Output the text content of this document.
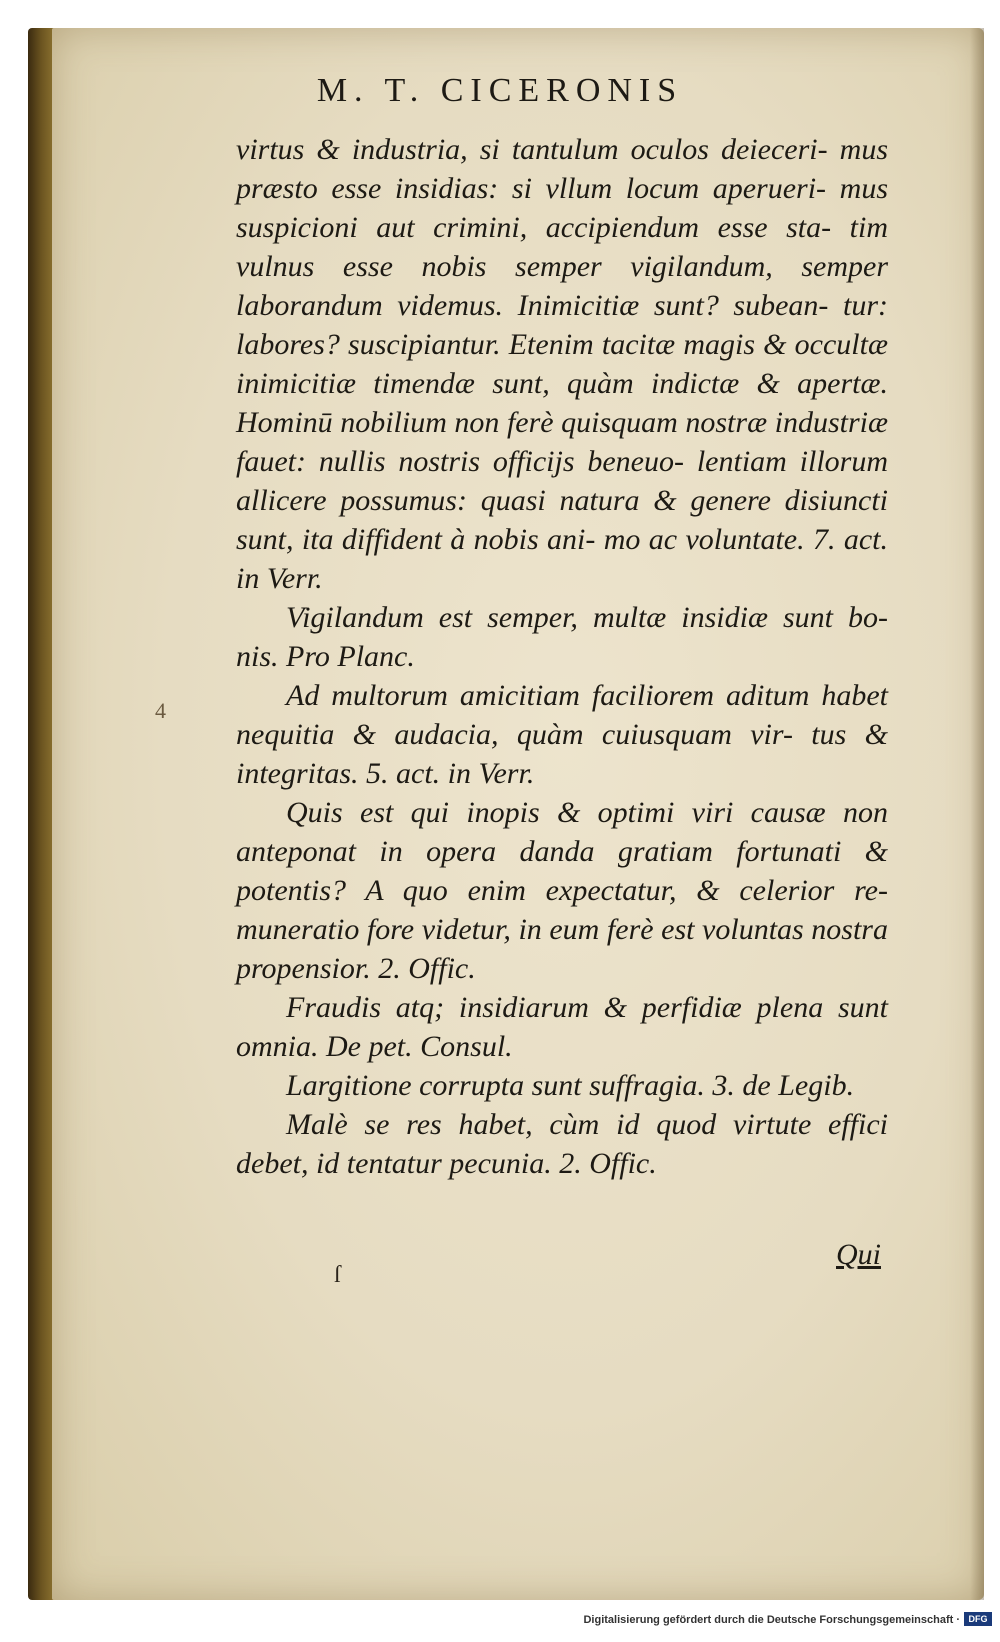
M. T. CICERONIS
4

virtus & industria, si tantulum oculos deieceri- mus præsto esse insidias: si vllum locum aperueri- mus suspicioni aut crimini, accipiendum esse sta- tim vulnus esse nobis semper vigilandum, semper laborandum videmus. Inimicitiæ sunt? subean- tur: labores? suscipiantur. Etenim tacitæ magis & occultæ inimicitiæ timendæ sunt, quàm indictæ & apertæ. Hominū nobilium non ferè quisquam nostræ industriæ fauet: nullis nostris officijs beneuo- lentiam illorum allicere possumus: quasi natura & genere disiuncti sunt, ita diffident à nobis ani- mo ac voluntate. 7. act. in Verr.

Vigilandum est semper, multæ insidiæ sunt bo- nis. Pro Planc.

Ad multorum amicitiam faciliorem aditum habet nequitia & audacia, quàm cuiusquam vir- tus & integritas. 5. act. in Verr.

Quis est qui inopis & optimi viri causæ non anteponat in opera danda gratiam fortunati & potentis? A quo enim expectatur, & celerior re- muneratio fore videtur, in eum ferè est voluntas nostra propensior. 2. Offic.

Fraudis atq; insidiarum & perfidiæ plena sunt omnia. De pet. Consul.

Largitione corrupta sunt suffragia. 3. de Legib.

Malè se res habet, cùm id quod virtute effici debet, id tentatur pecunia. 2. Offic.

Qui
ſ
Digitalisierung gefördert durch die Deutsche Forschungsgemeinschaft · DFG
